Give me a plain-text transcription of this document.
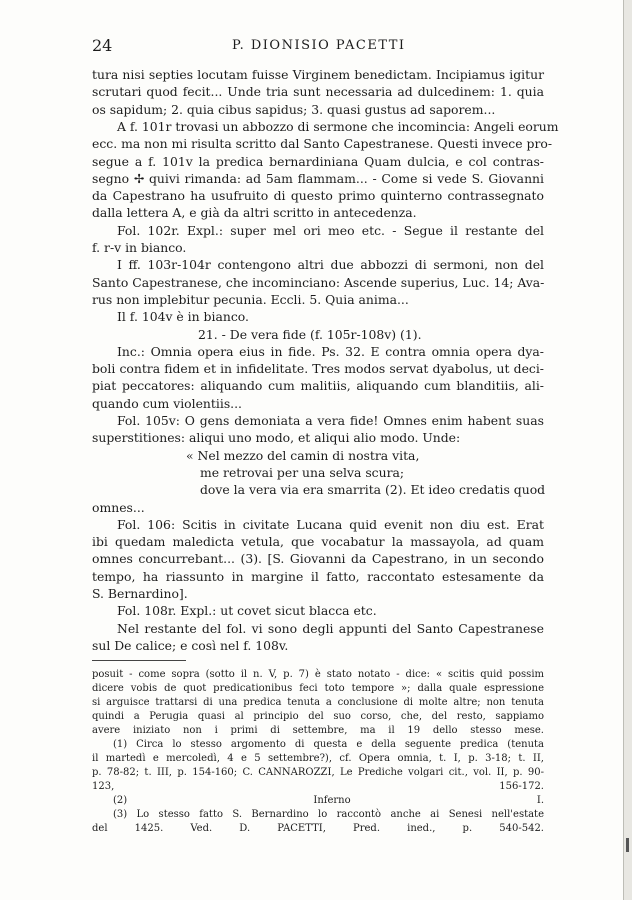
24	P. DIONISIO PACETTI
tura nisi septies locutam fuisse Virginem benedictam. Incipiamus igitur
scrutari quod fecit... Unde tria sunt necessaria ad dulcedinem: 1. quia
os sapidum; 2. quia cibus sapidus; 3. quasi gustus ad saporem...
A f. 101r trovasi un abbozzo di sermone che incomincia: Angeli eorum
ecc. ma non mi risulta scritto dal Santo Capestranese. Questi invece pro-
segue a f. 101v la predica bernardiniana Quam dulcia, e col contras-
segno ✢ quivi rimanda: ad 5am flammam... - Come si vede S. Giovanni
da Capestrano ha usufruito di questo primo quinterno contrassegnato
dalla lettera A, e già da altri scritto in antecedenza.
Fol. 102r. Expl.: super mel ori meo etc. - Segue il restante del
f. r-v in bianco.
I ff. 103r-104r contengono altri due abbozzi di sermoni, non del
Santo Capestranese, che incominciano: Ascende superius, Luc. 14; Ava-
rus non implebitur pecunia. Eccli. 5. Quia anima...
Il f. 104v è in bianco.
21. - De vera fide (f. 105r-108v) (1).
Inc.: Omnia opera eius in fide. Ps. 32. E contra omnia opera dya-
boli contra fidem et in infidelitate. Tres modos servat dyabolus, ut deci-
piat peccatores: aliquando cum malitiis, aliquando cum blanditiis, ali-
quando cum violentiis...
Fol. 105v: O gens demoniata a vera fide! Omnes enim habent suas
superstitiones: aliqui uno modo, et aliqui alio modo. Unde:
« Nel mezzo del camin di nostra vita,
me retrovai per una selva scura;
dove la vera via era smarrita (2). Et ideo credatis quod
omnes...
Fol. 106: Scitis in civitate Lucana quid evenit non diu est. Erat
ibi quedam maledicta vetula, que vocabatur la massayola, ad quam
omnes concurrebant... (3). [S. Giovanni da Capestrano, in un secondo
tempo, ha riassunto in margine il fatto, raccontato estesamente da
S. Bernardino].
Fol. 108r. Expl.: ut covet sicut blacca etc.
Nel restante del fol. vi sono degli appunti del Santo Capestranese
sul De calice; e così nel f. 108v.
posuit - come sopra (sotto il n. V, p. 7) è stato notato - dice: « scitis quid possim
dicere vobis de quot predicationibus feci toto tempore »; dalla quale espressione
si arguisce trattarsi di una predica tenuta a conclusione di molte altre; non tenuta
quindi a Perugia quasi al principio del suo corso, che, del resto, sappiamo
avere iniziato non i primi di settembre, ma il 19 dello stesso mese.
(1) Circa lo stesso argomento di questa e della seguente predica (tenuta
il martedì e mercoledì, 4 e 5 settembre?), cf. Opera omnia, t. I, p. 3-18; t. II,
p. 78-82; t. III, p. 154-160; C. CANNAROZZI, Le Prediche volgari cit., vol. II, p. 90-
123, 156-172.
(2) Inferno I.
(3) Lo stesso fatto S. Bernardino lo raccontò anche ai Senesi nell'estate
del 1425. Ved. D. PACETTI, Pred. ined., p. 540-542.
